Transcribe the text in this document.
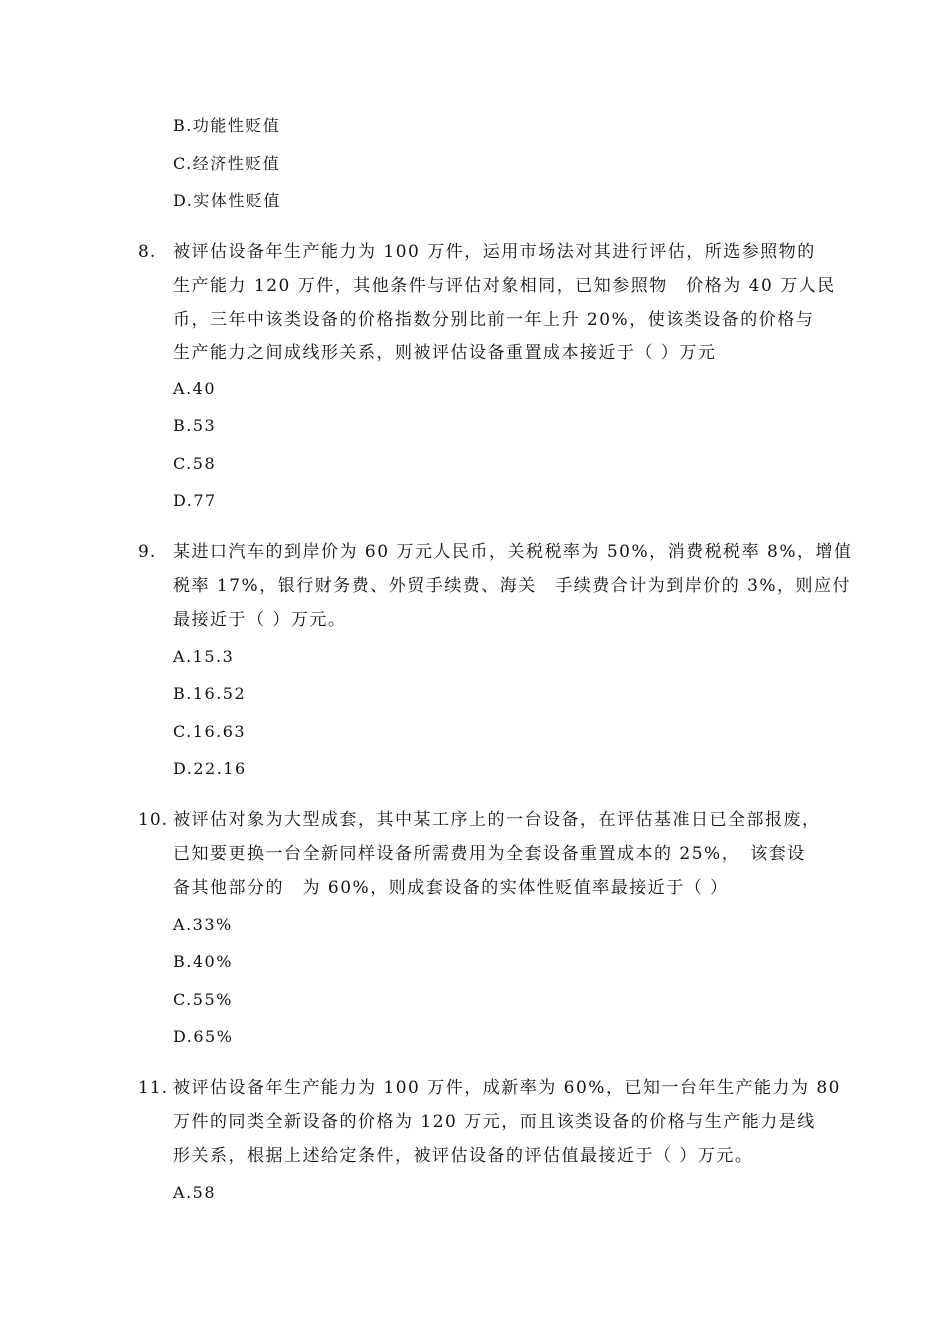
B.功能性贬值
C.经济性贬值
D.实体性贬值
8. 被评估设备年生产能力为 100 万件，运用市场法对其进行评估，所选参照物的
生产能力 120 万件，其他条件与评估对象相同，已知参照物　价格为 40 万人民
币，三年中该类设备的价格指数分别比前一年上升 20%，使该类设备的价格与
生产能力之间成线形关系，则被评估设备重置成本接近于（ ）万元
A.40
B.53
C.58
D.77
9. 某进口汽车的到岸价为 60 万元人民币，关税税率为 50%，消费税税率 8%，增值
税率 17%，银行财务费、外贸手续费、海关　手续费合计为到岸价的 3%，则应付
最接近于（ ）万元。
A.15.3
B.16.52
C.16.63
D.22.16
10. 被评估对象为大型成套，其中某工序上的一台设备，在评估基准日已全部报废，
已知要更换一台全新同样设备所需费用为全套设备重置成本的 25%，　该套设
备其他部分的　为 60%，则成套设备的实体性贬值率最接近于（ ）
A.33%
B.40%
C.55%
D.65%
11. 被评估设备年生产能力为 100 万件，成新率为 60%，已知一台年生产能力为 80
万件的同类全新设备的价格为 120 万元，而且该类设备的价格与生产能力是线
形关系，根据上述给定条件，被评估设备的评估值最接近于（ ）万元。
A.58
